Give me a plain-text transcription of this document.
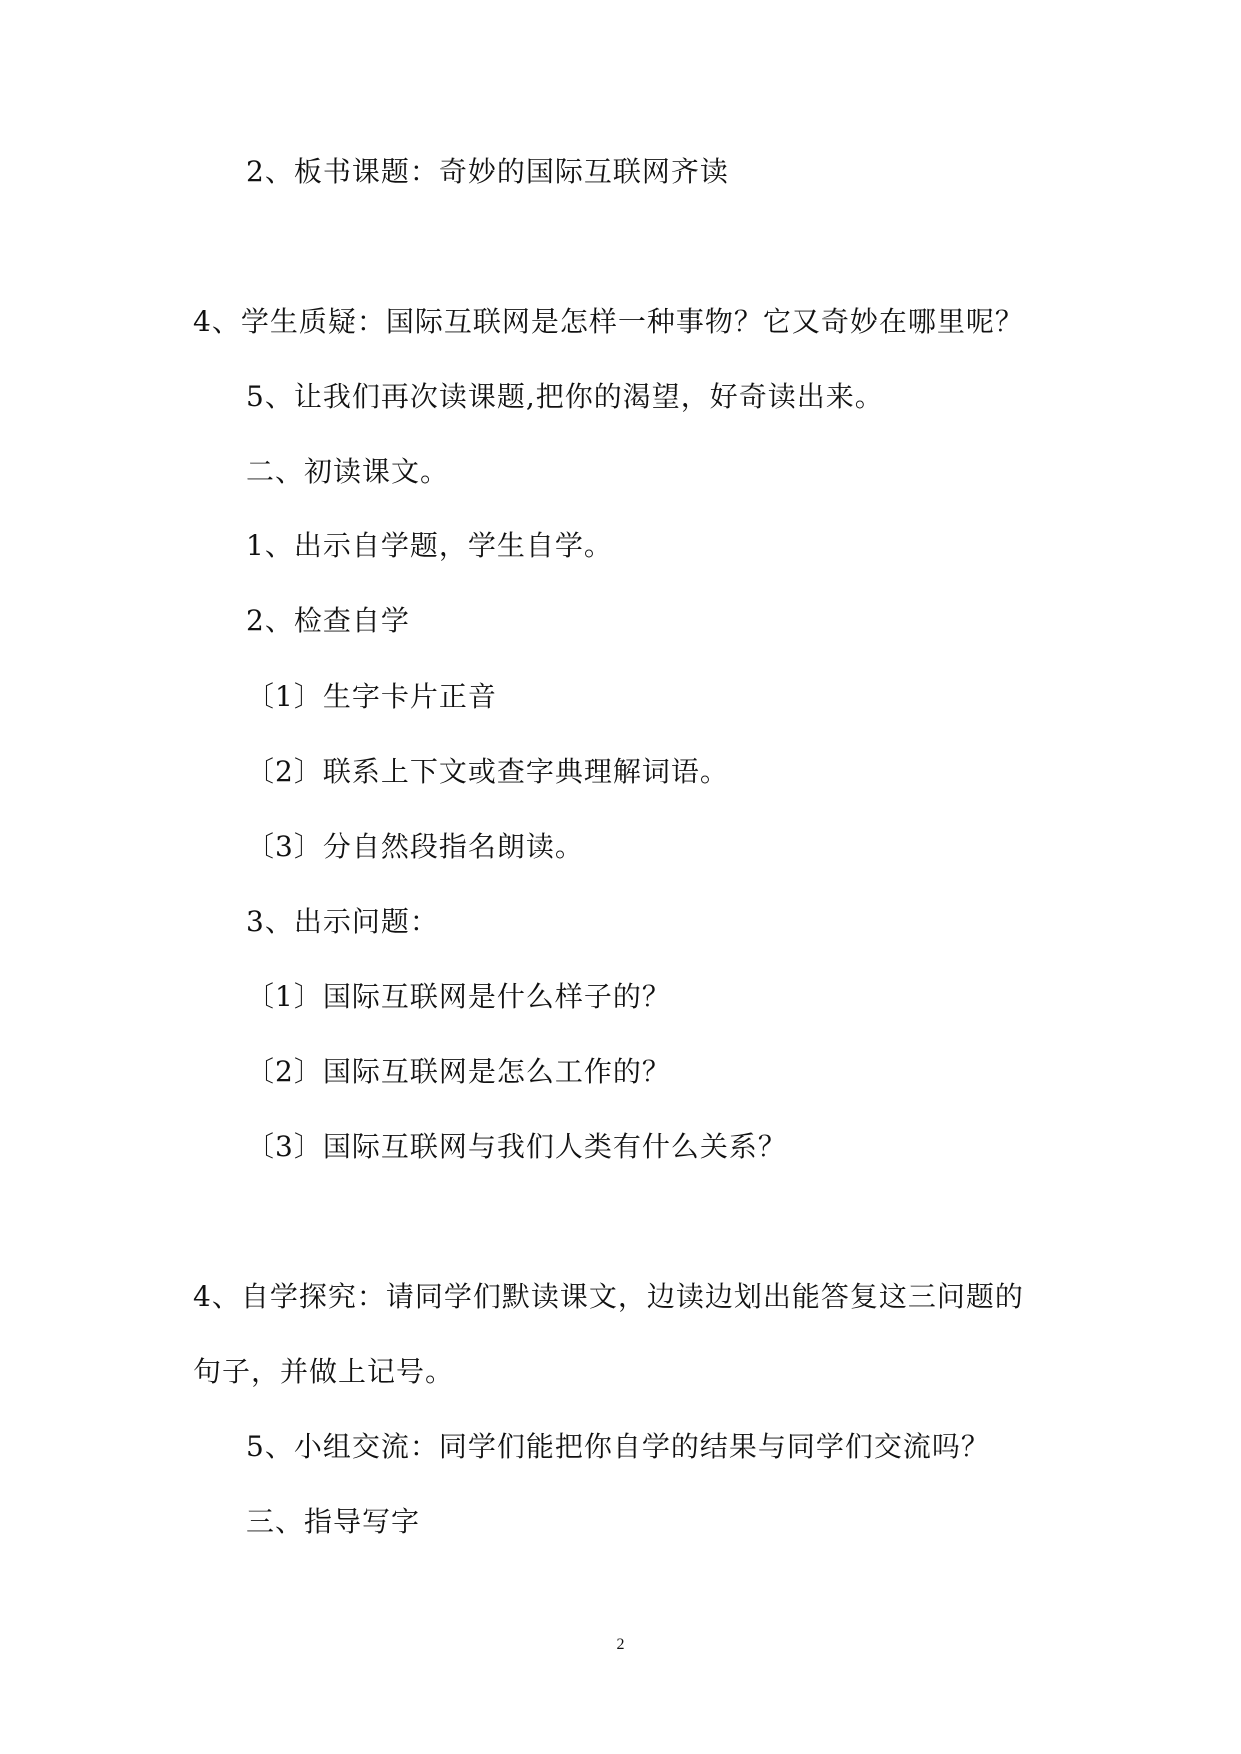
2、板书课题：奇妙的国际互联网齐读

4、学生质疑：国际互联网是怎样一种事物？它又奇妙在哪里呢？

5、让我们再次读课题,把你的渴望，好奇读出来。

二、初读课文。

1、出示自学题，学生自学。

2、检查自学

〔1〕生字卡片正音

〔2〕联系上下文或查字典理解词语。

〔3〕分自然段指名朗读。

3、出示问题：

〔1〕国际互联网是什么样子的？

〔2〕国际互联网是怎么工作的？

〔3〕国际互联网与我们人类有什么关系？

4、自学探究：请同学们默读课文，边读边划出能答复这三问题的

句子，并做上记号。

5、小组交流：同学们能把你自学的结果与同学们交流吗？

三、指导写字

2
